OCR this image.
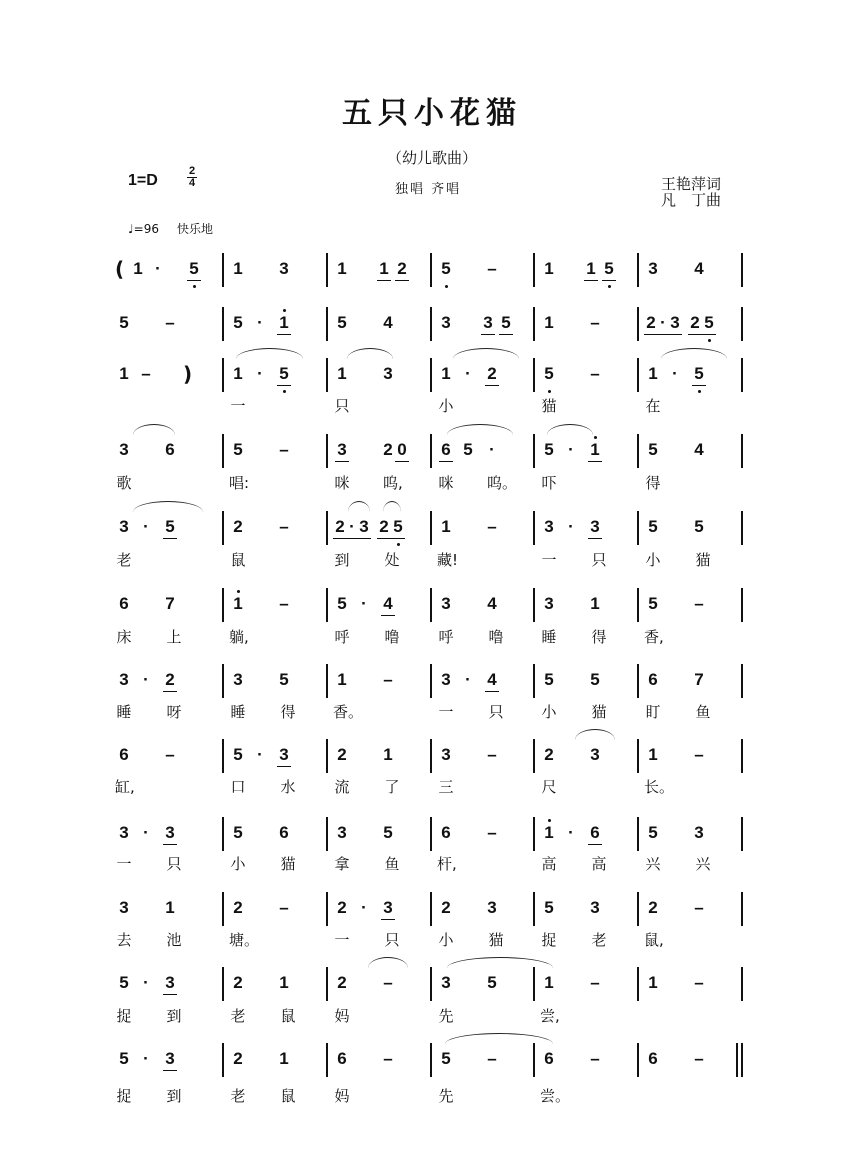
五只小花猫
（幼儿歌曲）
1=D
2
4	独唱 齐唱	王艳萍词
凡　丁曲
♩=96 快乐地
( 1 · 5 1 3	1 1 2 5 –	1 1 5 3 4
5 –	5 · 1	5 4	3 3 5 1 –	2 · 3 2 5
1 – ) 1 · 5	1 3	1 · 2	5 –	1 · 5
一	只	小	猫	在
3 6	5 –	3 2 0 6 5 ·	5 · 1	5 4
歌	唱:	咪 呜, 咪 呜。 吓	得
3 · 5	2 –	2 · 3 2 5 1 –	3 · 3	5 5
老	鼠	到 处	藏!	一 只	小 猫
6 7	1 –	5 · 4	3 4	3 1	5 –
床 上	躺,	呼 噜	呼 噜	睡 得	香,
3 · 2	3 5	1 –	3 · 4	5 5	6 7
睡 呀	睡 得	香。	一 只	小 猫	盯 鱼
6 –	5 · 3	2 1	3 –	2 3	1 –
缸,	口 水	流 了	三	尺	长。
3 · 3	5 6	3 5	6 –	1 · 6	5 3
一 只	小 猫	拿 鱼	杆,	高 高	兴 兴
3 1	2 –	2 · 3	2 3	5 3	2 –
去 池	塘。	一 只	小 猫	捉 老	鼠,
5 · 3	2 1	2 –	3 5	1 –	1 –
捉 到	老 鼠	妈	先	尝,
5 · 3	2 1	6 –	5 –	6 –	6 –
捉 到	老 鼠	妈	先	尝。
